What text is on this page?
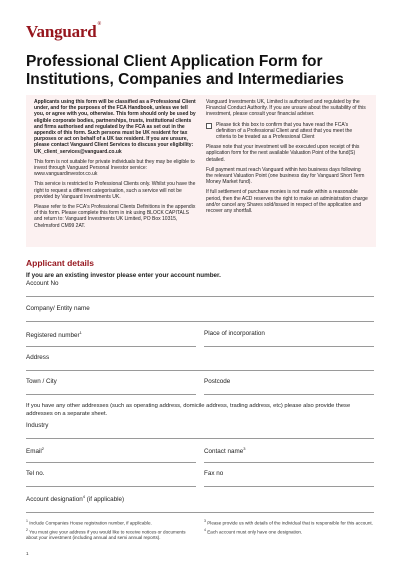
Vanguard®
Professional Client Application Form for Institutions, Companies and Intermediaries

Applicants using this form will be classified as a Professional Client under, and for the purposes of the FCA Handbook, unless we tell you, or agree with you, otherwise. This form should only be used by eligible corporate bodies, partnerships, trusts, institutional clients and firms authorised and regulated by the FCA as set out in the appendix of this form. Such persons must be UK resident for tax purposes or act on behalf of a UK tax resident. If you are unsure, please contact Vanguard Client Services to discuss your eligibility: UK_client_services@vanguard.co.uk

This form is not suitable for private individuals but they may be eligible to invest through Vanguard Personal Investor service: www.vanguardinvestor.co.uk

This service is restricted to Professional Clients only. Whilst you have the right to request a different categorisation, such a service will not be provided by Vanguard Investments UK.

Please refer to the FCA's Professional Clients Definitions in the appendix of this form. Please complete this form in ink using BLOCK CAPITALS and return to: Vanguard Investments UK Limited, PO Box 10315, Chelmsford CM99 2AT.

Vanguard Investments UK, Limited is authorised and regulated by the Financial Conduct Authority. If you are unsure about the suitability of this investment, please consult your financial adviser.

Please tick this box to confirm that you have read the FCA's definition of a Professional Client and attest that you meet the criteria to be treated as a Professional Client

Please note that your investment will be executed upon receipt of this application form for the next available Valuation Point of the fund(S) detailed.

Full payment must reach Vanguard within two business days following the relevant Valuation Point (one business day for Vanguard Short Term Money Market fund).

If full settlement of purchase monies is not made within a reasonable period, then the ACD reserves the right to make an administration charge and/or cancel any Shares sold/issued in respect of the application and recover any shortfall.

Applicant details
If you are an existing investor please enter your account number.
Account No
Company/ Entity name
Registered number$^1$	Place of incorporation
Address
Town / City	Postcode
If you have any other addresses (such as operating address, domicile address, trading address, etc) please also provide these addresses on a separate sheet.
Industry
Email$^2$	Contact name$^3$
Tel no.	Fax no
Account designation$^4$ (if applicable)

$^1$ Include Companies House registration number, if applicable.

$^2$ You must give your address if you would like to receive notices or documents about your investment (including annual and semi annual reports).

$^3$ Please provide us with details of the individual that is responsible for this account.

$^4$ Each account must only have one designation.

1
